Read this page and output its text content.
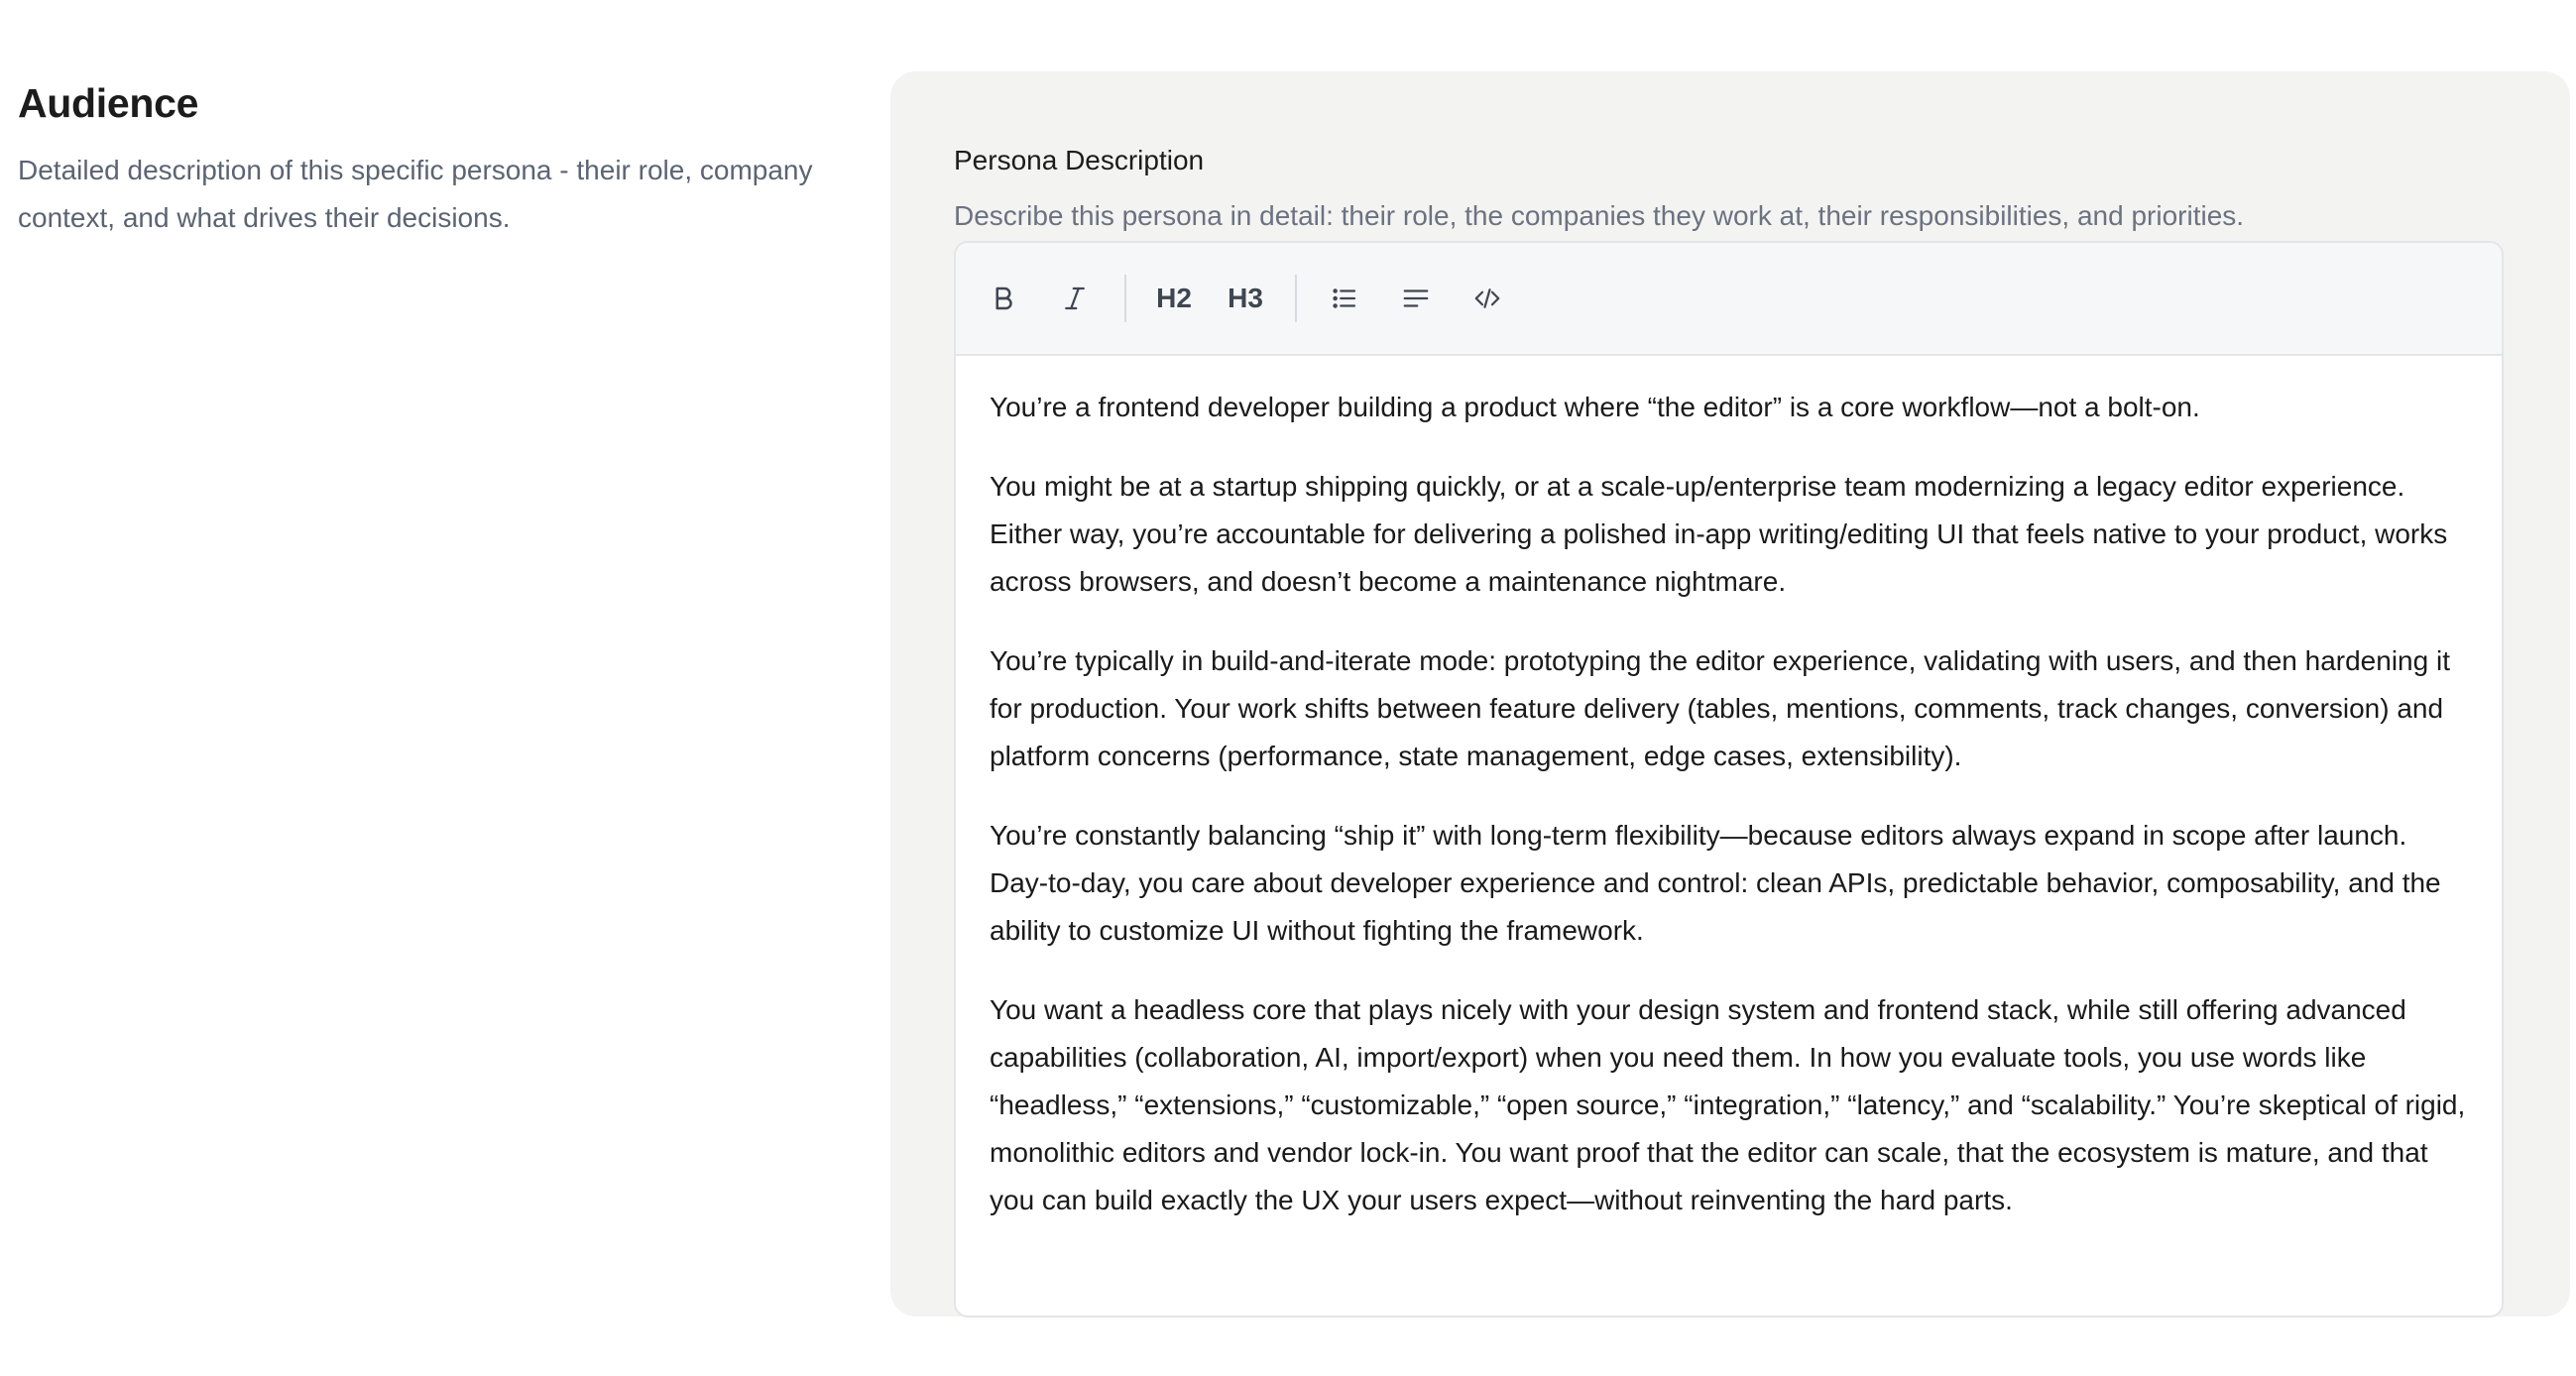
Audience

Detailed description of this specific persona - their role, company context, and what drives their decisions.

Persona Description
Describe this persona in detail: their role, the companies they work at, their responsibilities, and priorities.
H2	H3

You’re a frontend developer building a product where “the editor” is a core workflow—not a bolt-on.

You might be at a startup shipping quickly, or at a scale-up/enterprise team modernizing a legacy editor experience. Either way, you’re accountable for delivering a polished in-app writing/editing UI that feels native to your product, works across browsers, and doesn’t become a maintenance nightmare.

You’re typically in build-and-iterate mode: prototyping the editor experience, validating with users, and then hardening it for production. Your work shifts between feature delivery (tables, mentions, comments, track changes, conversion) and platform concerns (performance, state management, edge cases, extensibility).

You’re constantly balancing “ship it” with long-term flexibility—because editors always expand in scope after launch. Day-to-day, you care about developer experience and control: clean APIs, predictable behavior, composability, and the ability to customize UI without fighting the framework.

You want a headless core that plays nicely with your design system and frontend stack, while still offering advanced capabilities (collaboration, AI, import/export) when you need them. In how you evaluate tools, you use words like “headless,” “extensions,” “customizable,” “open source,” “integration,” “latency,” and “scalability.” You’re skeptical of rigid, monolithic editors and vendor lock-in. You want proof that the editor can scale, that the ecosystem is mature, and that you can build exactly the UX your users expect—without reinventing the hard parts.
